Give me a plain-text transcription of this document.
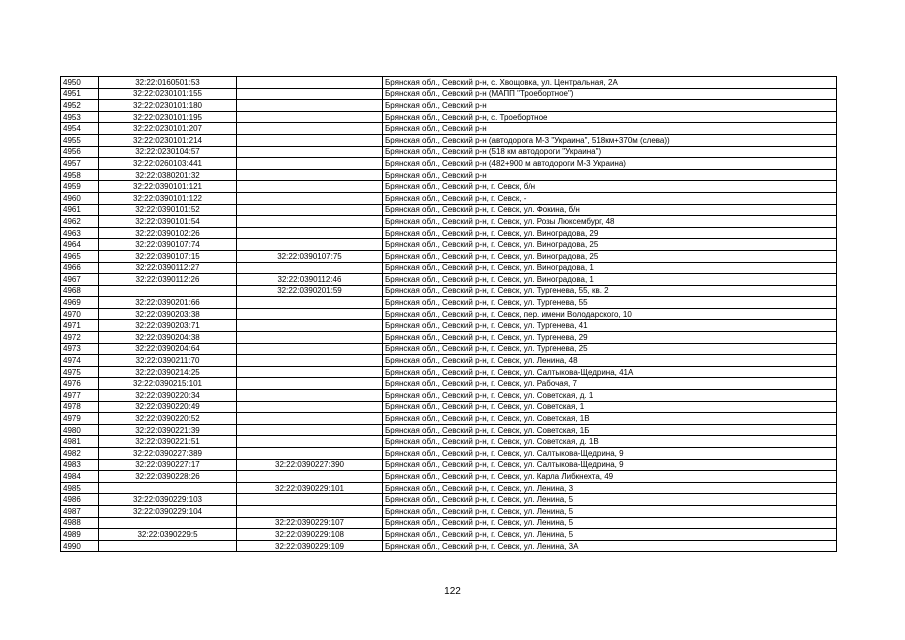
4950	32:22:0160501:53		Брянская обл., Севский р-н, с. Хвощовка, ул. Центральная, 2А
4951	32:22:0230101:155		Брянская обл., Севский р-н (МАПП "Троебортное")
4952	32:22:0230101:180		Брянская обл., Севский р-н
4953	32:22:0230101:195		Брянская обл., Севский р-н, с. Троебортное
4954	32:22:0230101:207		Брянская обл., Севский р-н
4955	32:22:0230101:214		Брянская обл., Севский р-н (автодорога М-3 "Украина", 518км+370м (слева))
4956	32:22:0230104:57		Брянская обл., Севский р-н (518 км автодороги "Украина")
4957	32:22:0260103:441		Брянская обл., Севский р-н (482+900 м автодороги М-3 Украина)
4958	32:22:0380201:32		Брянская обл., Севский р-н
4959	32:22:0390101:121		Брянская обл., Севский р-н, г. Севск, б/н
4960	32:22:0390101:122		Брянская обл., Севский р-н, г. Севск, -
4961	32:22:0390101:52		Брянская обл., Севский р-н, г. Севск, ул. Фокина, б/н
4962	32:22:0390101:54		Брянская обл., Севский р-н, г. Севск, ул. Розы Люксембург, 48
4963	32:22:0390102:26		Брянская обл., Севский р-н, г. Севск, ул. Виноградова, 29
4964	32:22:0390107:74		Брянская обл., Севский р-н, г. Севск, ул. Виноградова, 25
4965	32:22:0390107:15	32:22:0390107:75	Брянская обл., Севский р-н, г. Севск, ул. Виноградова, 25
4966	32:22:0390112:27		Брянская обл., Севский р-н, г. Севск, ул. Виноградова, 1
4967	32:22:0390112:26	32:22:0390112:46	Брянская обл., Севский р-н, г. Севск, ул. Виноградова, 1
4968		32:22:0390201:59	Брянская обл., Севский р-н, г. Севск, ул. Тургенева, 55, кв. 2
4969	32:22:0390201:66		Брянская обл., Севский р-н, г. Севск, ул. Тургенева, 55
4970	32:22:0390203:38		Брянская обл., Севский р-н, г. Севск, пер. имени Володарского, 10
4971	32:22:0390203:71		Брянская обл., Севский р-н, г. Севск, ул. Тургенева, 41
4972	32:22:0390204:38		Брянская обл., Севский р-н, г. Севск, ул. Тургенева, 29
4973	32:22:0390204:64		Брянская обл., Севский р-н, г. Севск, ул. Тургенева, 25
4974	32:22:0390211:70		Брянская обл., Севский р-н, г. Севск, ул. Ленина, 48
4975	32:22:0390214:25		Брянская обл., Севский р-н, г. Севск, ул. Салтыкова-Щедрина, 41А
4976	32:22:0390215:101		Брянская обл., Севский р-н, г. Севск, ул. Рабочая, 7
4977	32:22:0390220:34		Брянская обл., Севский р-н, г. Севск, ул. Советская, д. 1
4978	32:22:0390220:49		Брянская обл., Севский р-н, г. Севск, ул. Советская, 1
4979	32:22:0390220:52		Брянская обл., Севский р-н, г. Севск, ул. Советская, 1В
4980	32:22:0390221:39		Брянская обл., Севский р-н, г. Севск, ул. Советская, 1Б
4981	32:22:0390221:51		Брянская обл., Севский р-н, г. Севск, ул. Советская, д. 1В
4982	32:22:0390227:389		Брянская обл., Севский р-н, г. Севск, ул. Салтыкова-Щедрина, 9
4983	32:22:0390227:17	32:22:0390227:390	Брянская обл., Севский р-н, г. Севск, ул. Салтыкова-Щедрина, 9
4984	32:22:0390228:26		Брянская обл., Севский р-н, г. Севск, ул. Карла Либкнехта, 49
4985		32:22:0390229:101	Брянская обл., Севский р-н, г. Севск, ул. Ленина, 3
4986	32:22:0390229:103		Брянская обл., Севский р-н, г. Севск, ул. Ленина, 5
4987	32:22:0390229:104		Брянская обл., Севский р-н, г. Севск, ул. Ленина, 5
4988		32:22:0390229:107	Брянская обл., Севский р-н, г. Севск, ул. Ленина, 5
4989	32:22:0390229:5	32:22:0390229:108	Брянская обл., Севский р-н, г. Севск, ул. Ленина, 5
4990		32:22:0390229:109	Брянская обл., Севский р-н, г. Севск, ул. Ленина, 3А
122
